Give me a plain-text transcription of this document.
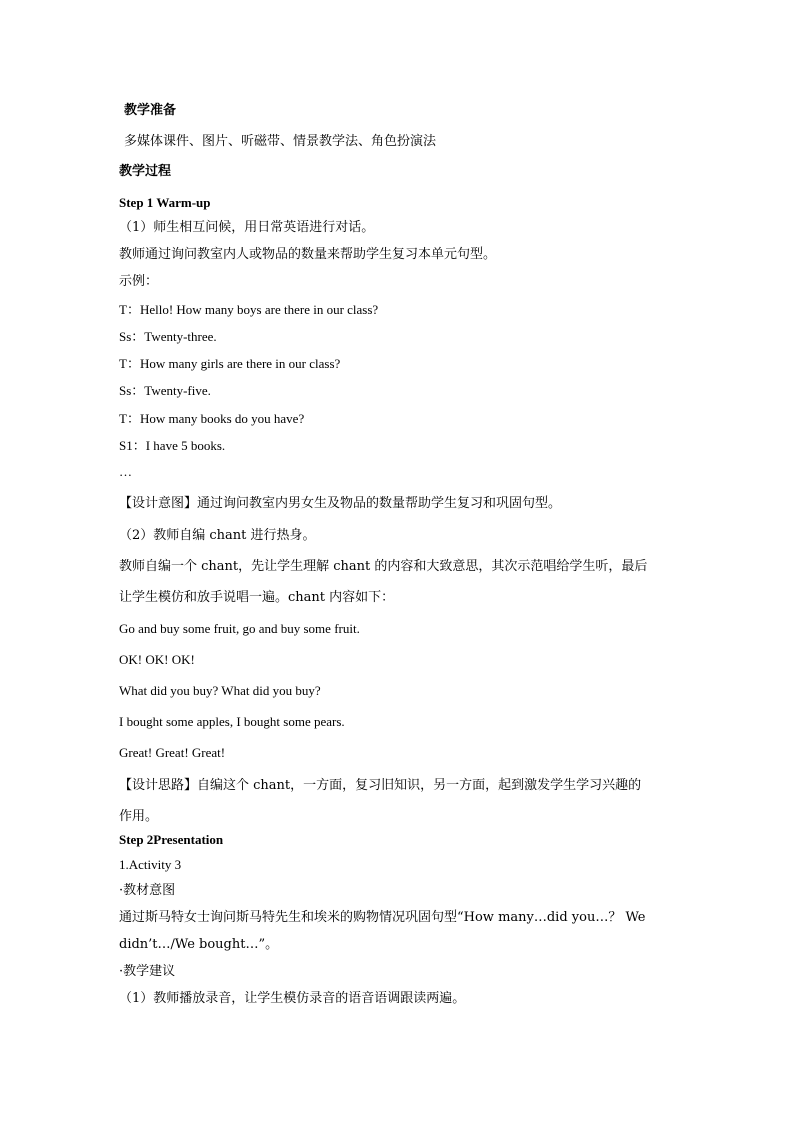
教学准备
多媒体课件、图片、听磁带、情景教学法、角色扮演法
教学过程
Step 1 Warm-up
（1）师生相互问候，用日常英语进行对话。
教师通过询问教室内人或物品的数量来帮助学生复习本单元句型。
示例：
T：Hello! How many boys are there in our class?
Ss：Twenty-three.
T：How many girls are there in our class?
Ss：Twenty-five.
T：How many books do you have?
S1：I have 5 books.
…
【设计意图】通过询问教室内男女生及物品的数量帮助学生复习和巩固句型。
（2）教师自编 chant 进行热身。
教师自编一个 chant，先让学生理解 chant 的内容和大致意思，其次示范唱给学生听，最后
让学生模仿和放手说唱一遍。chant 内容如下：
Go and buy some fruit, go and buy some fruit.
OK! OK! OK!
What did you buy? What did you buy?
I bought some apples, I bought some pears.
Great! Great! Great!
【设计思路】自编这个 chant，一方面，复习旧知识，另一方面，起到激发学生学习兴趣的
作用。
Step 2Presentation
1.Activity 3
·教材意图
通过斯马特女士询问斯马特先生和埃米的购物情况巩固句型“How many…did you…？ We
didn’t…/We bought…”。
·教学建议
（1）教师播放录音，让学生模仿录音的语音语调跟读两遍。
